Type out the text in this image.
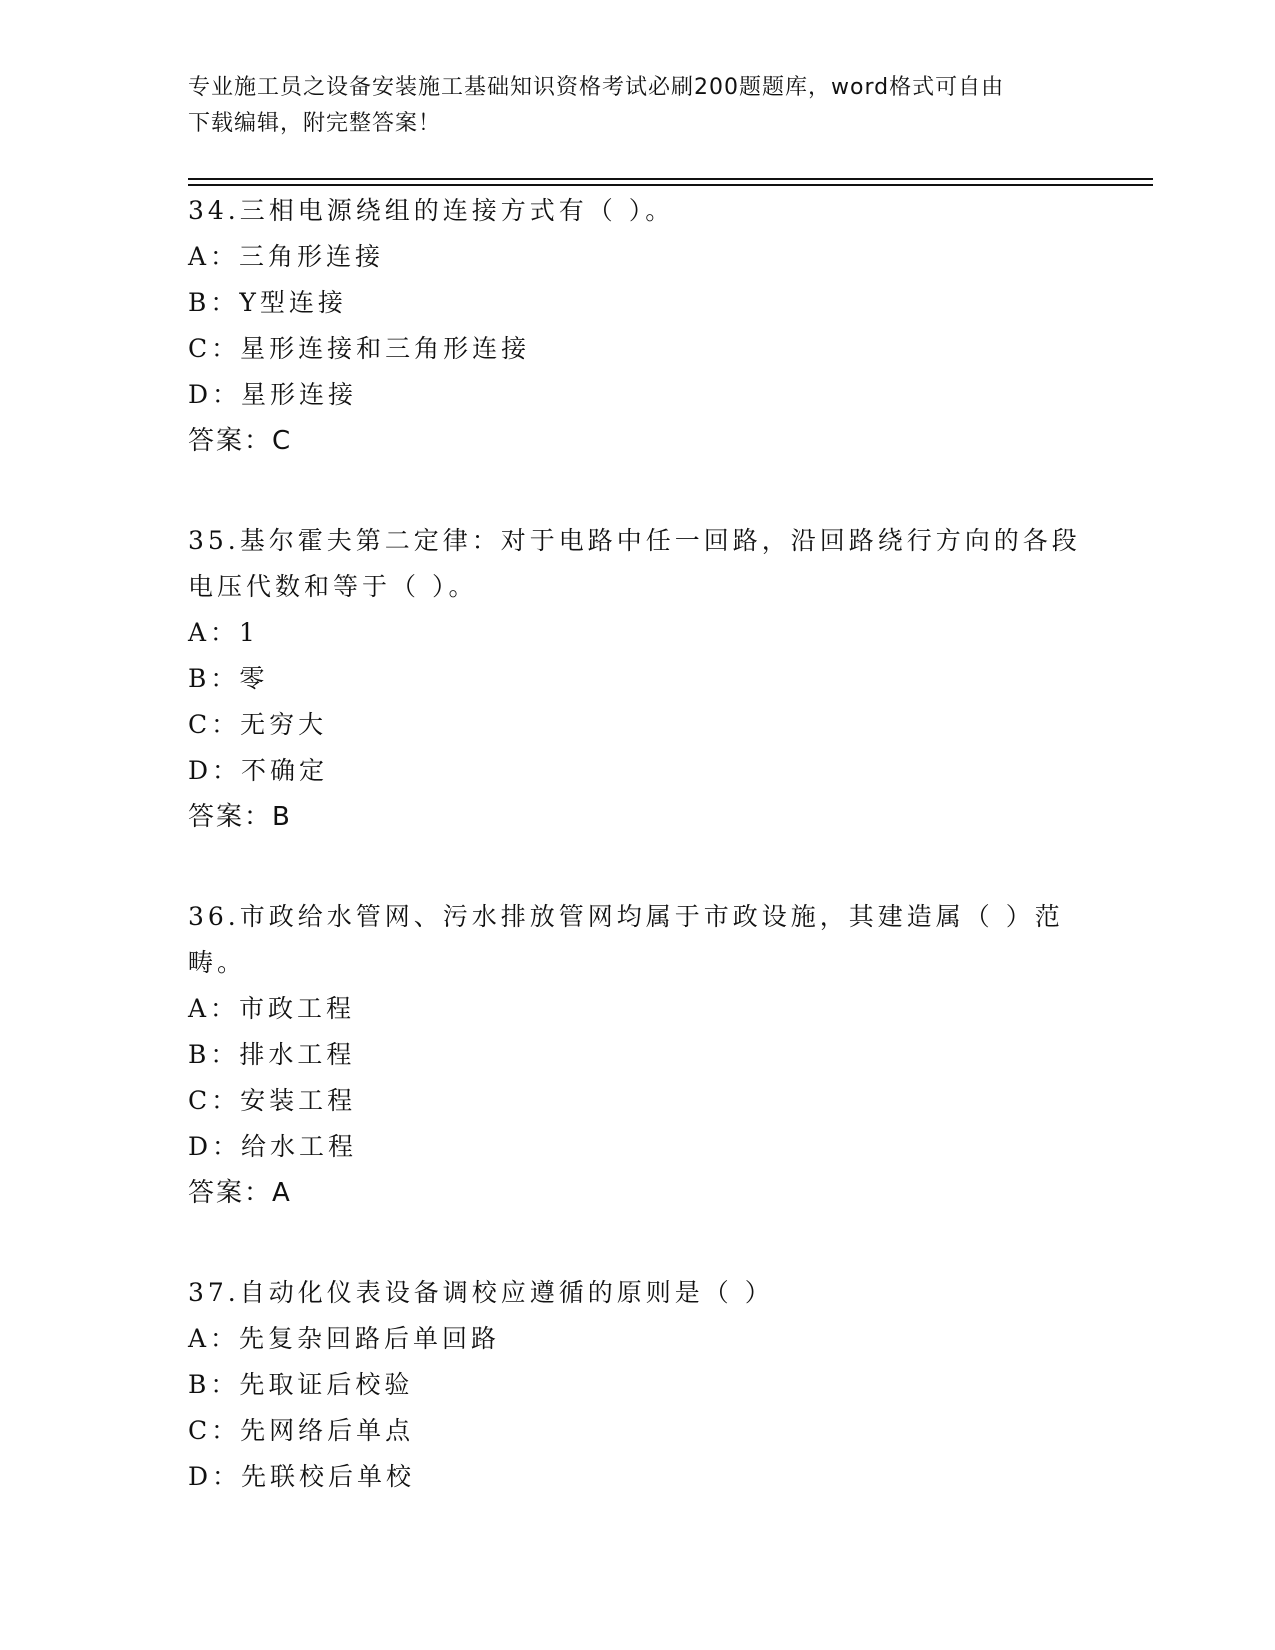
专业施工员之设备安装施工基础知识资格考试必刷200题题库，word格式可自由
下载编辑，附完整答案！
34.三相电源绕组的连接方式有（ ）。
A：三角形连接
B：Y型连接
C：星形连接和三角形连接
D：星形连接
答案：C
35.基尔霍夫第二定律：对于电路中任一回路，沿回路绕行方向的各段
电压代数和等于（ ）。
A：1
B：零
C：无穷大
D：不确定
答案：B
36.市政给水管网、污水排放管网均属于市政设施，其建造属（ ）范
畴。
A：市政工程
B：排水工程
C：安装工程
D：给水工程
答案：A
37.自动化仪表设备调校应遵循的原则是（ ）
A：先复杂回路后单回路
B：先取证后校验
C：先网络后单点
D：先联校后单校
